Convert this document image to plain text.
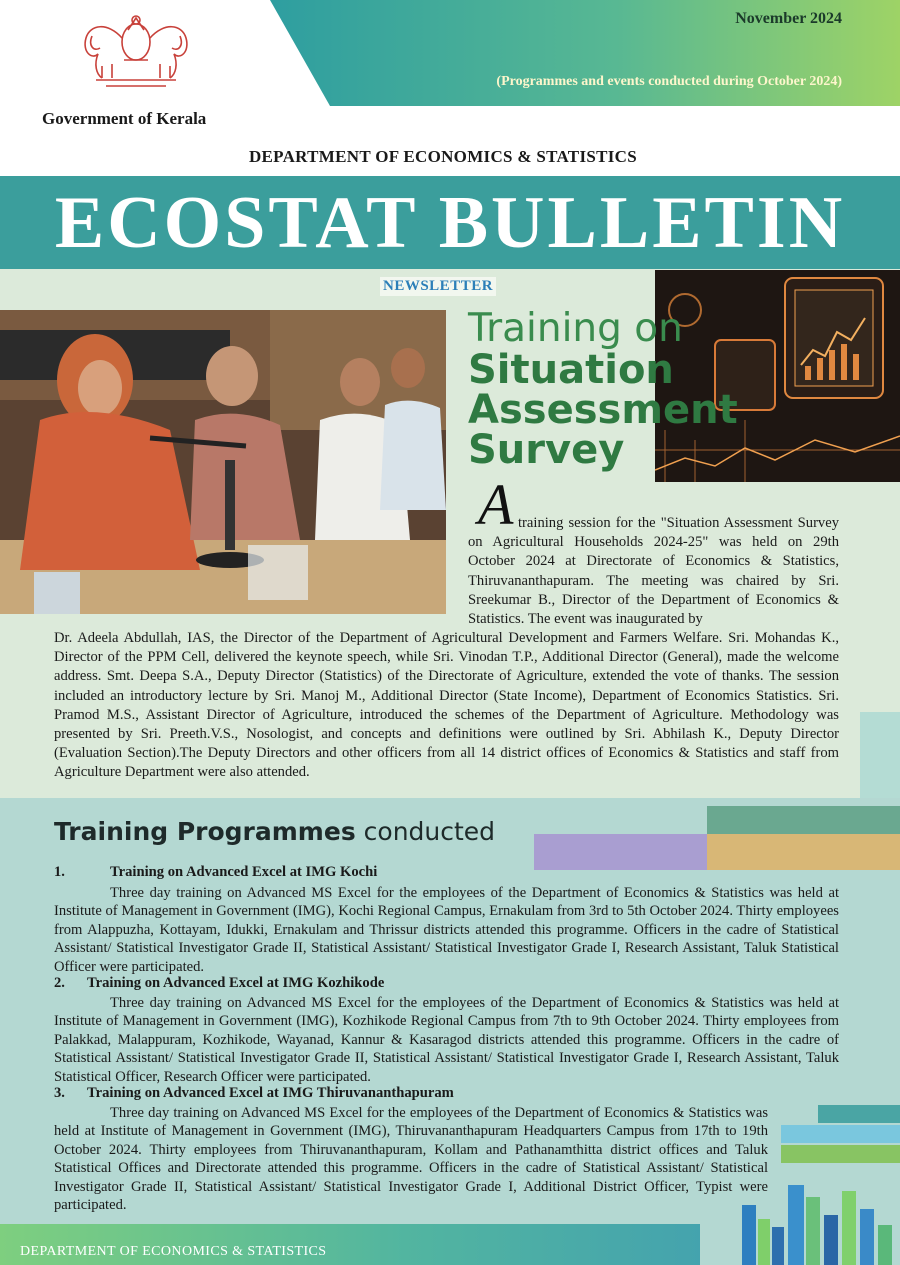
November 2024
(Programmes and events conducted during October 2024)
Government of Kerala
DEPARTMENT OF ECONOMICS & STATISTICS
ECOSTAT BULLETIN
NEWSLETTER
Training on
Situation Assessment Survey
A training session for the "Situation Assessment Survey on Agricultural Households 2024-25" was held on 29th October 2024 at Directorate of Economics & Statistics, Thiruvananthapuram. The meeting was chaired by Sri. Sreekumar B., Director of the Department of Economics & Statistics. The event was inaugurated by
Dr. Adeela Abdullah, IAS, the Director of the Department of Agricultural Development and Farmers Welfare. Sri. Mohandas K., Director of the PPM Cell, delivered the keynote speech, while Sri. Vinodan T.P., Additional Director (General), made the welcome address. Smt. Deepa S.A., Deputy Director (Statistics) of the Directorate of Agriculture, extended the vote of thanks. The session included an introductory lecture by Sri. Manoj M., Additional Director (State Income), Department of Economics Statistics. Sri. Pramod M.S., Assistant Director of Agriculture, introduced the schemes of the Department of Agriculture. Methodology was presented by Sri. Preeth.V.S., Nosologist, and concepts and definitions were outlined by Sri. Abhilash K., Deputy Director (Evaluation Section).The Deputy Directors and other officers from all 14 district offices of Economics & Statistics and staff from Agriculture Department were also attended.
Training Programmes conducted
1.	Training on Advanced Excel at IMG Kochi
Three day training on Advanced MS Excel for the employees of the Department of Economics & Statistics was held at Institute of Management in Government (IMG), Kochi Regional Campus, Ernakulam from 3rd to 5th October 2024. Thirty employees from Alappuzha, Kottayam, Idukki, Ernakulam and Thrissur districts attended this programme. Officers in the cadre of Statistical Assistant/ Statistical Investigator Grade II, Statistical Assistant/ Statistical Investigator Grade I, Research Assistant, Taluk Statistical Officer were participated.
2. Training on Advanced Excel at IMG Kozhikode
Three day training on Advanced MS Excel for the employees of the Department of Economics & Statistics was held at Institute of Management in Government (IMG), Kozhikode Regional Campus from 7th to 9th October 2024. Thirty employees from Palakkad, Malappuram, Kozhikode, Wayanad, Kannur & Kasaragod districts attended this programme. Officers in the cadre of Statistical Assistant/ Statistical Investigator Grade II, Statistical Assistant/ Statistical Investigator Grade I, Research Assistant, Taluk Statistical Officer, Research Officer were participated.
3. Training on Advanced Excel at IMG Thiruvananthapuram
Three day training on Advanced MS Excel for the employees of the Department of Economics & Statistics was held at Institute of Management in Government (IMG), Thiruvananthapuram Headquarters Campus from 17th to 19th October 2024. Thirty employees from Thiruvananthapuram, Kollam and Pathanamthitta district offices and Taluk Statistical Offices and Directorate attended this programme. Officers in the cadre of Statistical Assistant/ Statistical Investigator Grade II, Statistical Assistant/ Statistical Investigator Grade I, Additional District Officer, Typist were participated.
DEPARTMENT OF ECONOMICS & STATISTICS
